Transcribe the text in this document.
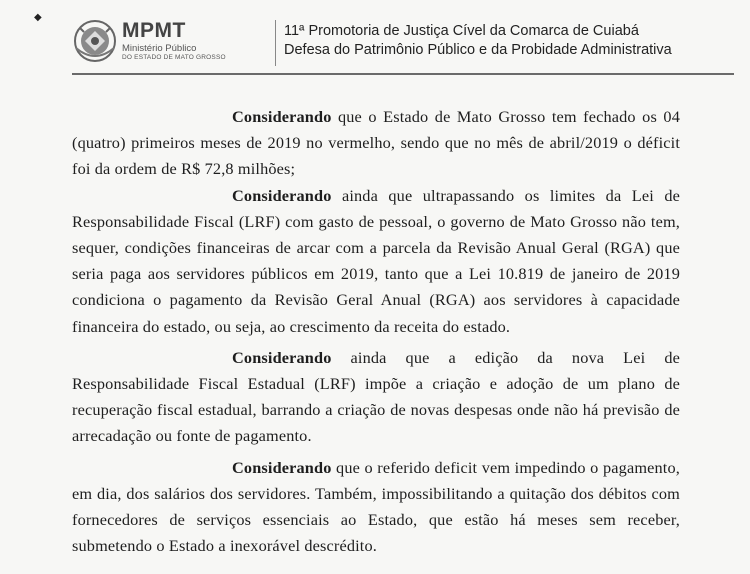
◆
MPMT
Ministério Público
DO ESTADO DE MATO GROSSO
11ª Promotoria de Justiça Cível da Comarca de Cuiabá
Defesa do Patrimônio Público e da Probidade Administrativa

Considerando que o Estado de Mato Grosso tem fechado os 04 (quatro) primeiros meses de 2019 no vermelho, sendo que no mês de abril/2019 o déficit foi da ordem de R$ 72,8 milhões;

Considerando ainda que ultrapassando os limites da Lei de Responsabilidade Fiscal (LRF) com gasto de pessoal, o governo de Mato Grosso não tem, sequer, condições financeiras de arcar com a parcela da Revisão Anual Geral (RGA) que seria paga aos servidores públicos em 2019, tanto que a Lei 10.819 de janeiro de 2019 condiciona o pagamento da Revisão Geral Anual (RGA) aos servidores à capacidade financeira do estado, ou seja, ao crescimento da receita do estado.

Considerando ainda que a edição da nova Lei de Responsabilidade Fiscal Estadual (LRF) impõe a criação e adoção de um plano de recuperação fiscal estadual, barrando a criação de novas despesas onde não há previsão de arrecadação ou fonte de pagamento.

Considerando que o referido deficit vem impedindo o pagamento, em dia, dos salários dos servidores. Também, impossibilitando a quitação dos débitos com fornecedores de serviços essenciais ao Estado, que estão há meses sem receber, submetendo o Estado a inexorável descrédito.
